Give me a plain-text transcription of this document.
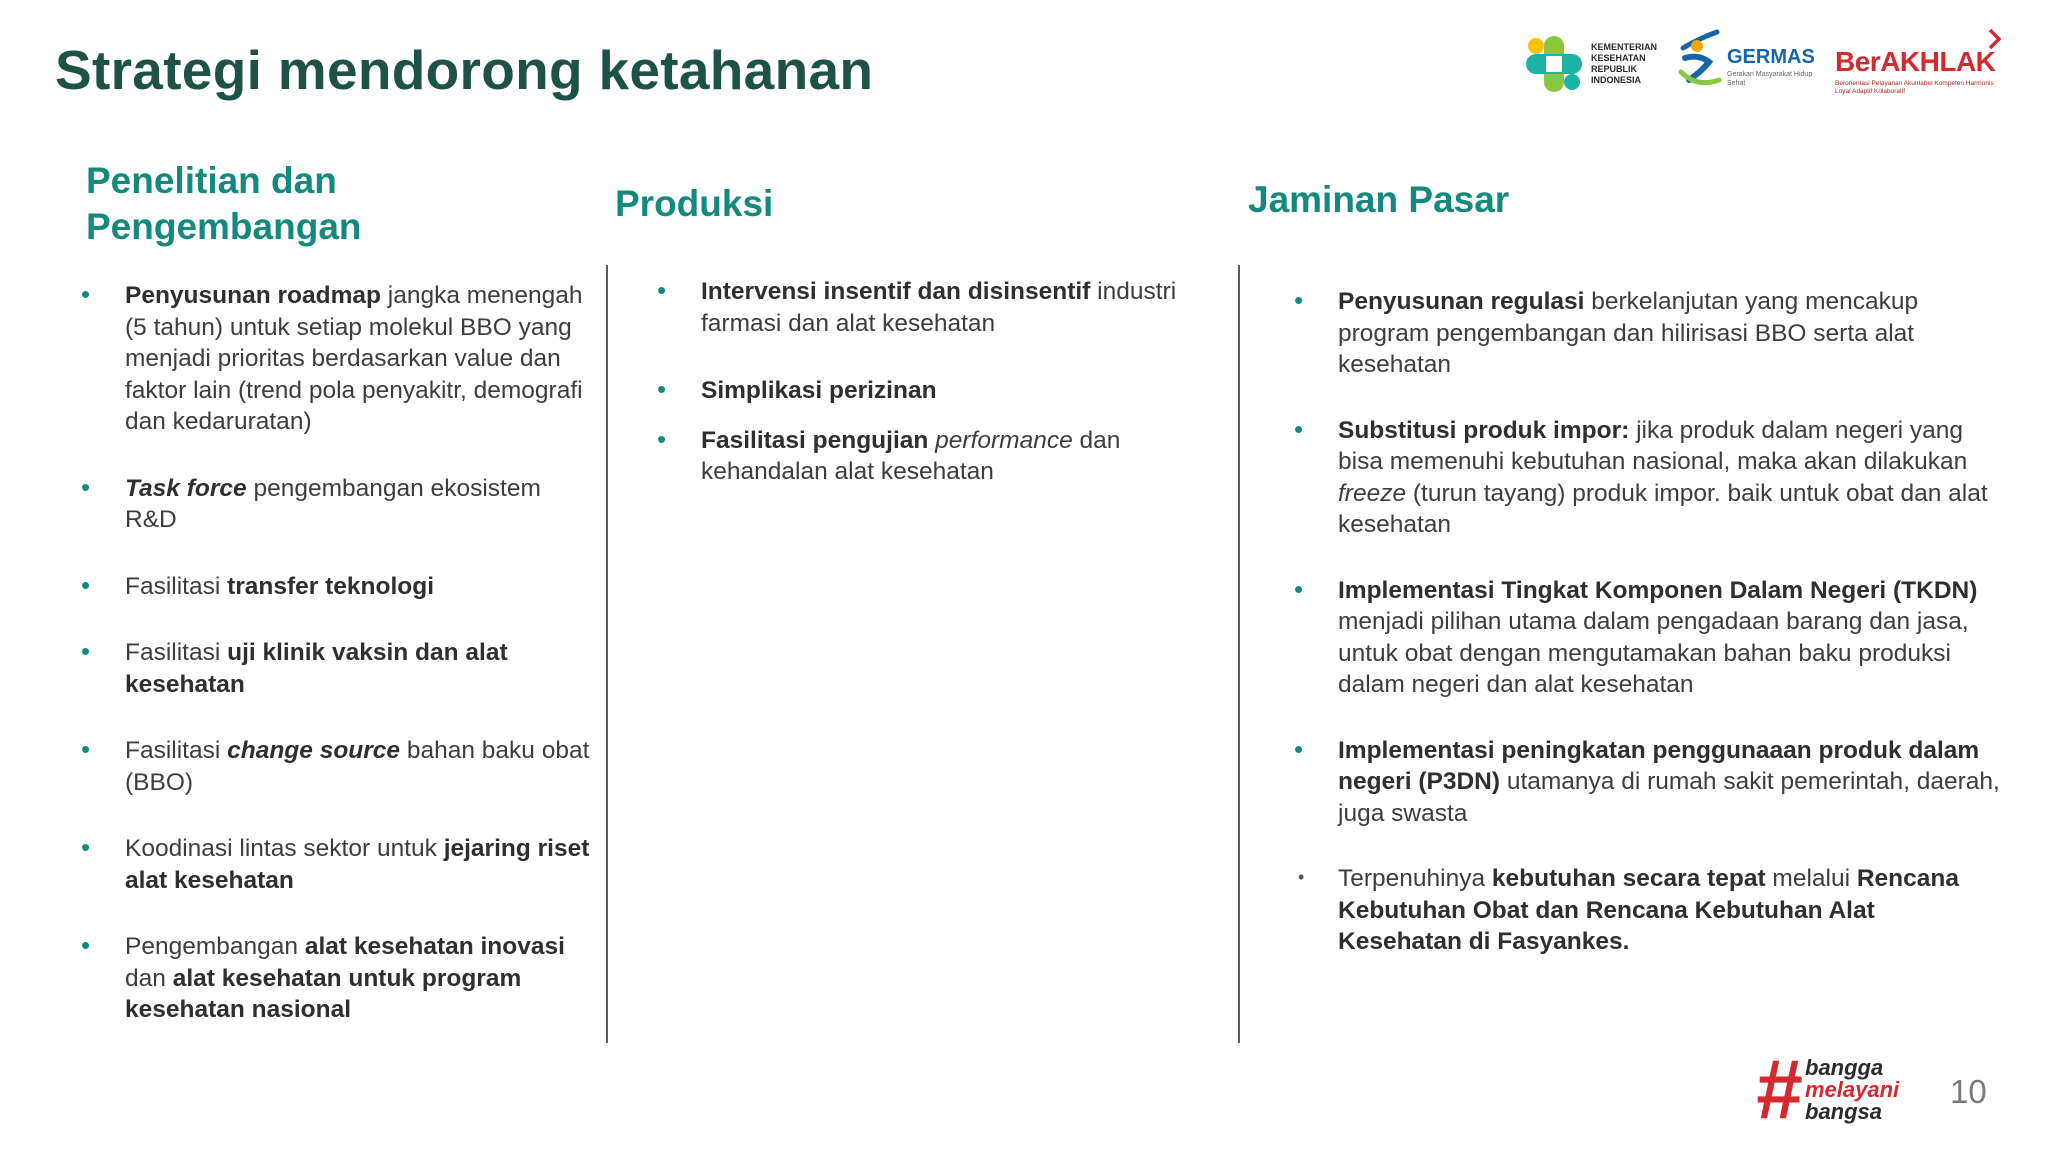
Strategi mendorong ketahanan	KEMENTERIAN
KESEHATAN
REPUBLIK
INDONESIA
GERMAS
Gerakan Masyarakat Hidup Sehat
BerAKHLAK
Berorientasi Pelayanan Akuntabel Kompeten Harmonis Loyal Adaptif Kolaboratif
Penelitian dan Pengembangan
Produksi	Jaminan Pasar
• Penyusunan roadmap jangka menengah (5 tahun) untuk setiap molekul BBO yang menjadi prioritas berdasarkan value dan faktor lain (trend pola penyakitr, demografi dan kedaruratan)
• Task force pengembangan ekosistem R&D
• Fasilitasi transfer teknologi
• Fasilitasi uji klinik vaksin dan alat kesehatan
• Fasilitasi change source bahan baku obat (BBO)
• Koodinasi lintas sektor untuk jejaring riset alat kesehatan
• Pengembangan alat kesehatan inovasi dan alat kesehatan untuk program kesehatan nasional
• Intervensi insentif dan disinsentif industri farmasi dan alat kesehatan
• Simplikasi perizinan
• Fasilitasi pengujian performance dan kehandalan alat kesehatan
• Penyusunan regulasi berkelanjutan yang mencakup program pengembangan dan hilirisasi BBO serta alat kesehatan
• Substitusi produk impor: jika produk dalam negeri yang bisa memenuhi kebutuhan nasional, maka akan dilakukan freeze (turun tayang) produk impor. baik untuk obat dan alat kesehatan
• Implementasi Tingkat Komponen Dalam Negeri (TKDN) menjadi pilihan utama dalam pengadaan barang dan jasa, untuk obat dengan mengutamakan bahan baku produksi dalam negeri dan alat kesehatan
• Implementasi peningkatan penggunaaan produk dalam negeri (P3DN) utamanya di rumah sakit pemerintah, daerah, juga swasta
• Terpenuhinya kebutuhan secara tepat melalui Rencana Kebutuhan Obat dan Rencana Kebutuhan Alat Kesehatan di Fasyankes.
# bangga
melayani
bangsa
10
